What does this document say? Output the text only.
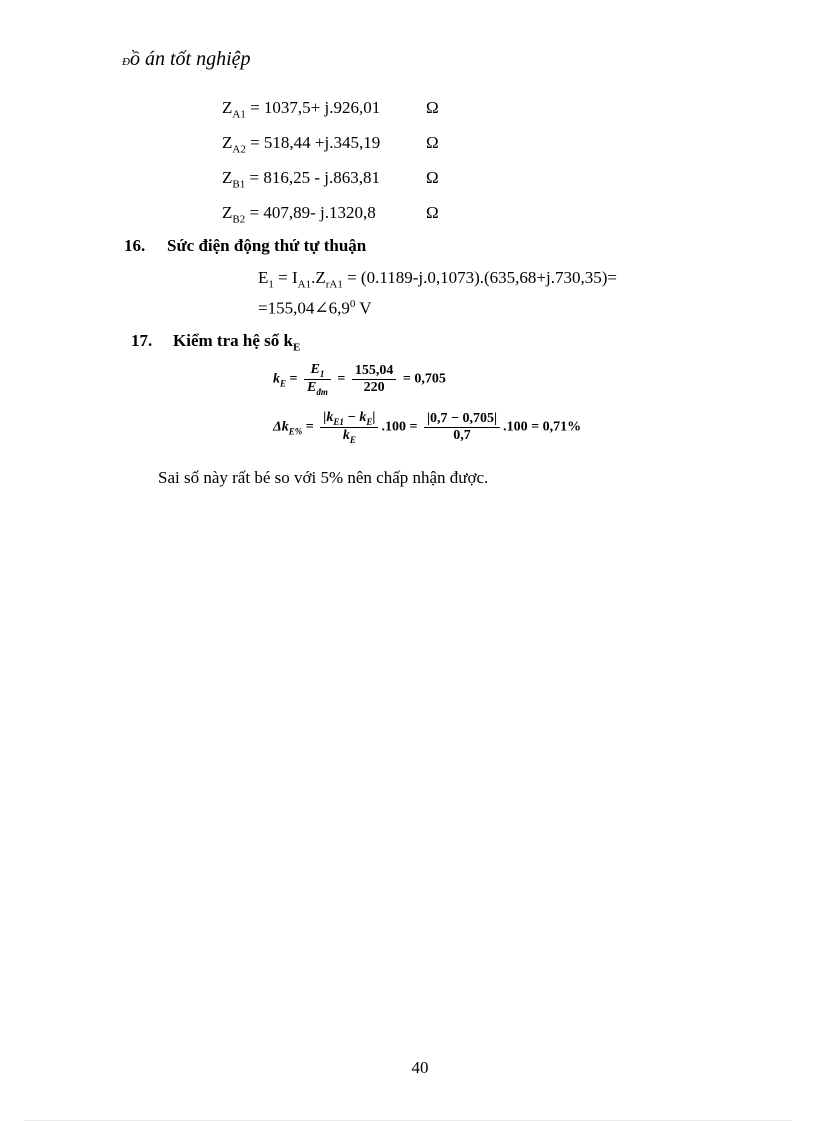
Đồ án tốt nghiệp
$Z_{A1} = 1037,5+ j.926,01$	Ω
$Z_{A2} = 518,44 +j.345,19$	Ω
$Z_{B1} = 816,25 - j.863,81$	Ω
$Z_{B2} = 407,89-$ j.1320,8	Ω
16. Sức điện động thứ tự thuận
$E_1 = I_{A1}.Z_{rA1} = (0.1189-j.0,1073).(635,68+j.730,35)=$
$=155,04\angle 6,9^0$ V
17. Kiểm tra hệ số $k_E$
$k_E = \frac{E_1}{E_{đm}} = \frac{155,04}{220} = 0,705$
$\Delta k_{E\%} = \frac{|k_{E1} - k_E|}{k_E} .100 = \frac{|0,7 - 0,705|}{0,7} .100 = 0,71\%$
Sai số này rất bé so với 5% nên chấp nhận được.
40
